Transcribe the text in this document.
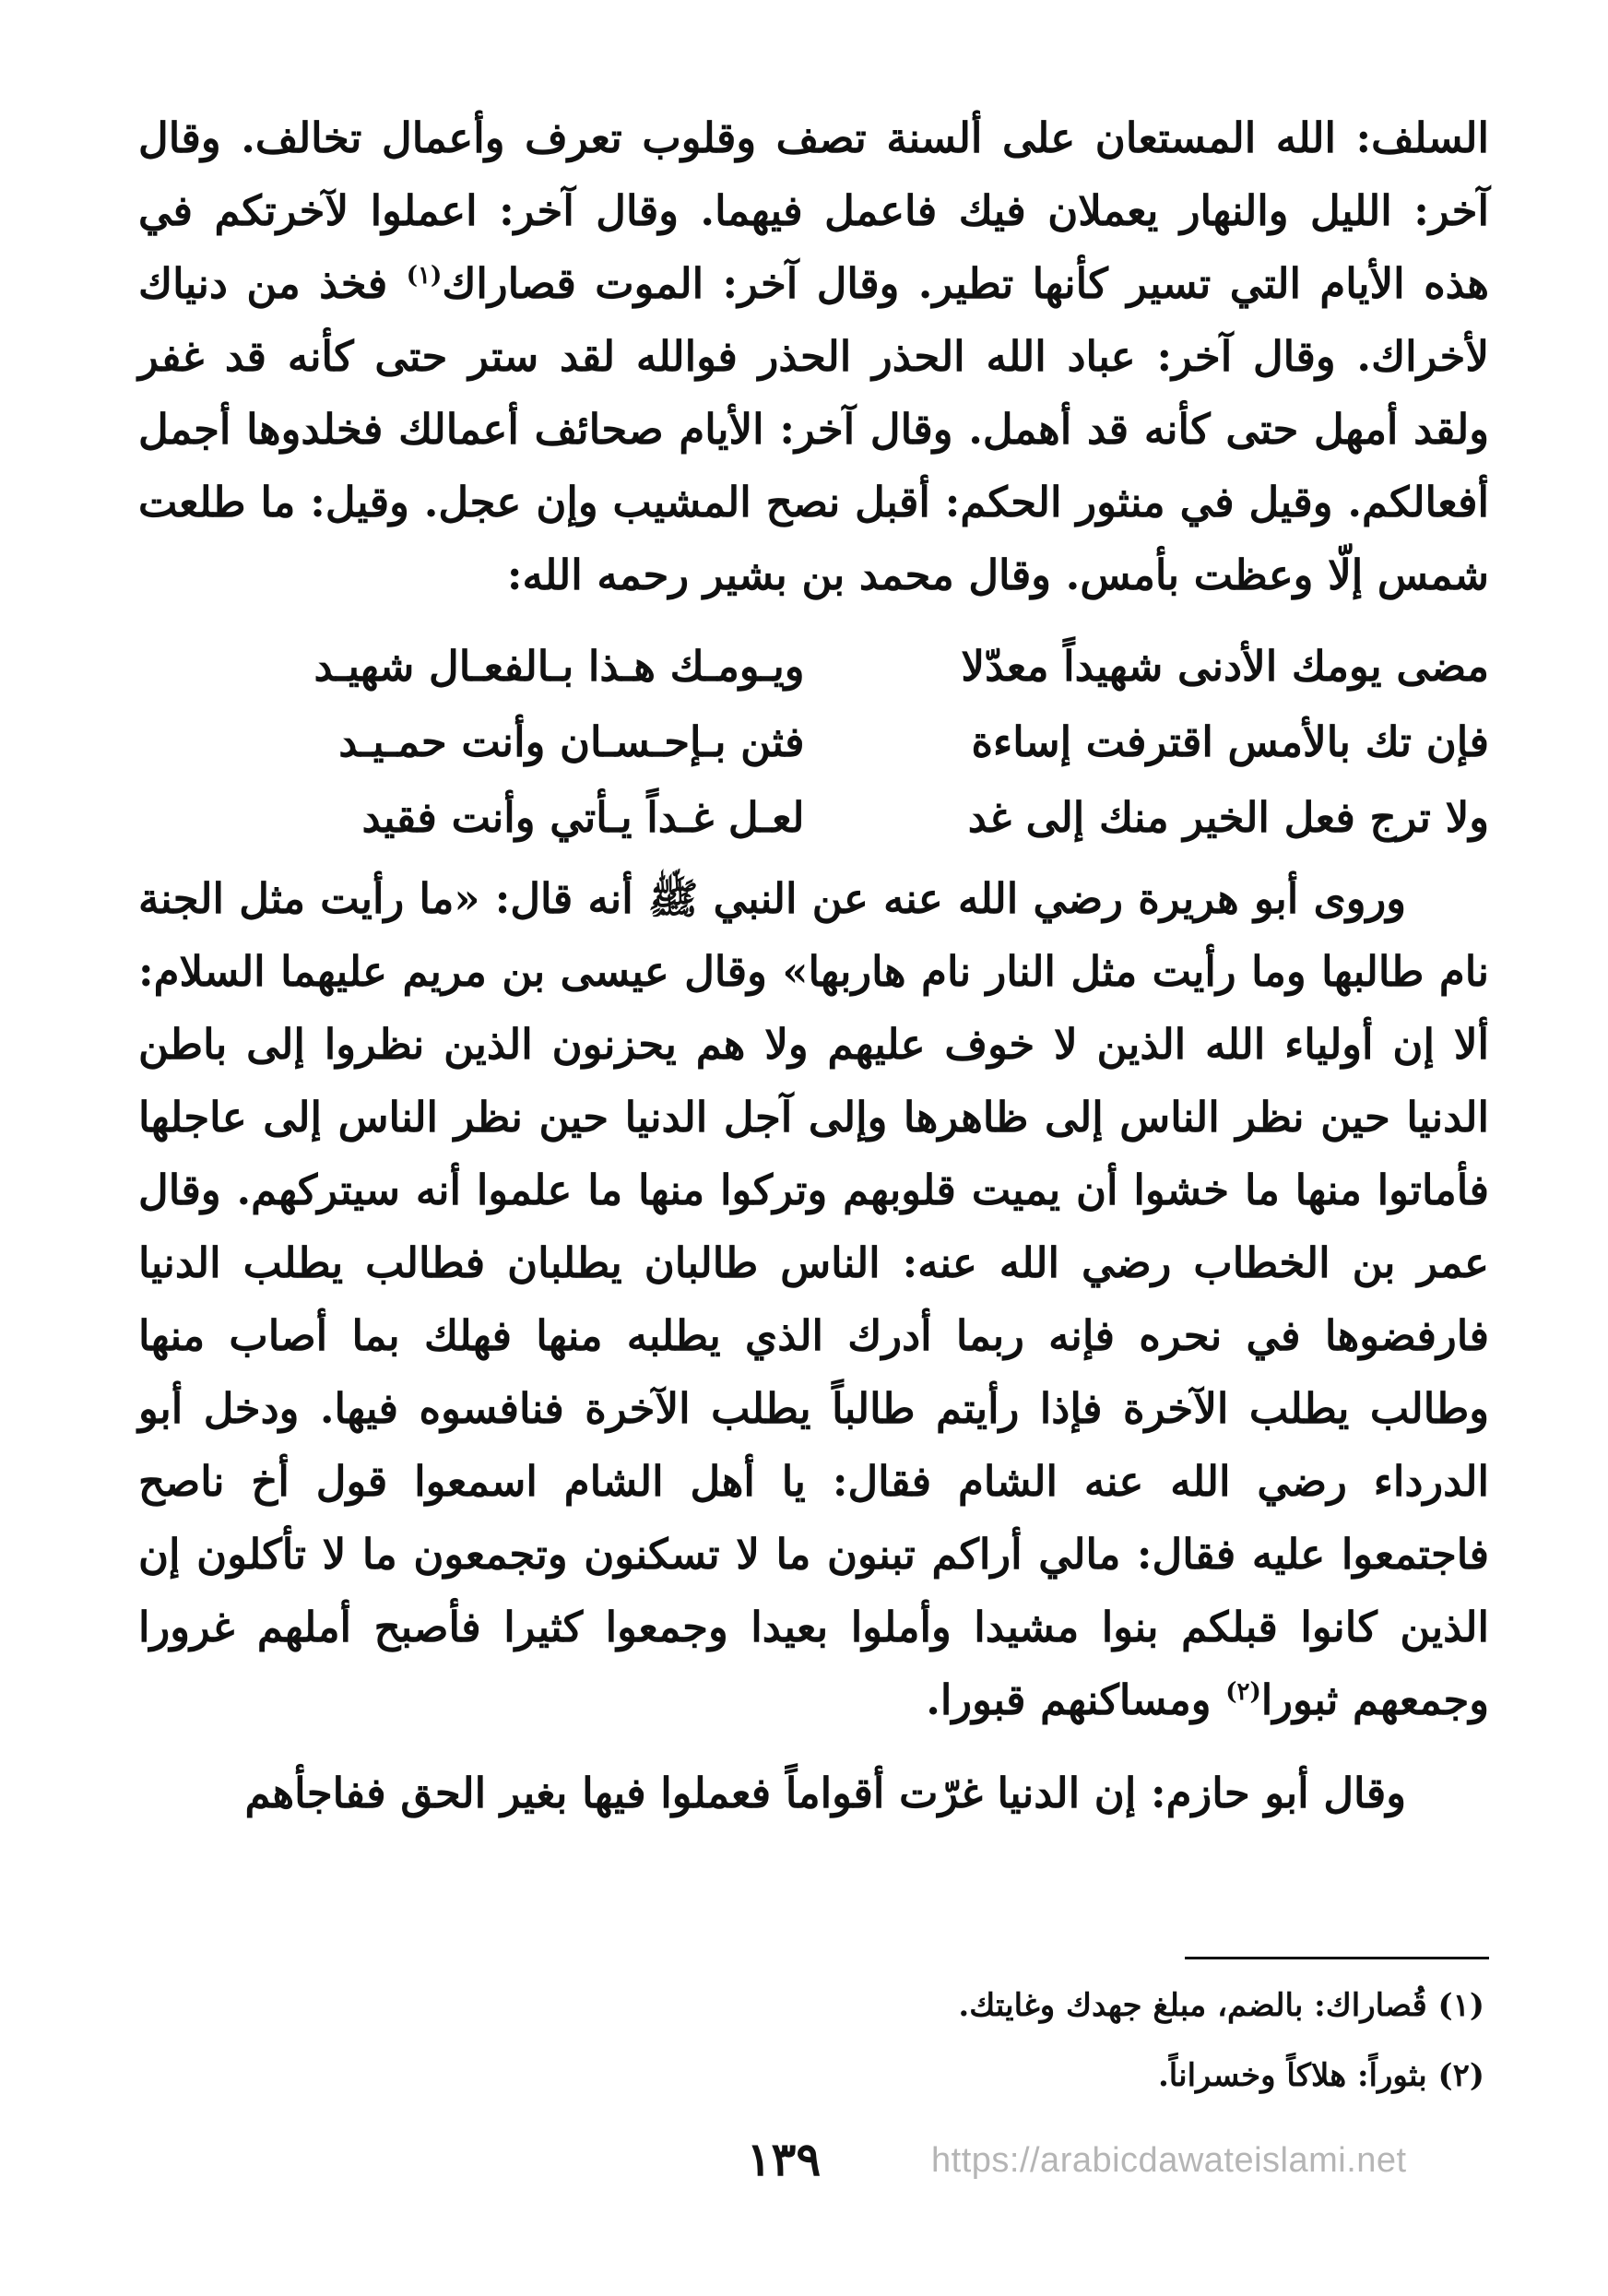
السلف: الله المستعان على ألسنة تصف وقلوب تعرف وأعمال تخالف. وقال آخر: الليل والنهار يعملان فيك فاعمل فيهما. وقال آخر: اعملوا لآخرتكم في هذه الأيام التي تسير كأنها تطير. وقال آخر: الموت قصاراك$^{(١)}$ فخذ من دنياك لأخراك. وقال آخر: عباد الله الحذر الحذر فوالله لقد ستر حتى كأنه قد غفر ولقد أمهل حتى كأنه قد أهمل. وقال آخر: الأيام صحائف أعمالك فخلدوها أجمل أفعالكم. وقيل في منثور الحكم: أقبل نصح المشيب وإن عجل. وقيل: ما طلعت شمس إلّا وعظت بأمس. وقال محمد بن بشير رحمه الله:

مضى يومك الأدنى شهيداً معدّلا
ويـومـك هـذا بـالفعـال شهيـد
فإن تك بالأمس اقترفت إساءة
فثن بـإحـسـان وأنت حمـيـد
ولا ترج فعل الخير منك إلى غد
لعـل غـداً يـأتي وأنت فقيد

وروى أبو هريرة رضي الله عنه عن النبي ﷺ أنه قال: «ما رأيت مثل الجنة نام طالبها وما رأيت مثل النار نام هاربها» وقال عيسى بن مريم عليهما السلام: ألا إن أولياء الله الذين لا خوف عليهم ولا هم يحزنون الذين نظروا إلى باطن الدنيا حين نظر الناس إلى ظاهرها وإلى آجل الدنيا حين نظر الناس إلى عاجلها فأماتوا منها ما خشوا أن يميت قلوبهم وتركوا منها ما علموا أنه سيتركهم. وقال عمر بن الخطاب رضي الله عنه: الناس طالبان يطلبان فطالب يطلب الدنيا فارفضوها في نحره فإنه ربما أدرك الذي يطلبه منها فهلك بما أصاب منها وطالب يطلب الآخرة فإذا رأيتم طالباً يطلب الآخرة فنافسوه فيها. ودخل أبو الدرداء رضي الله عنه الشام فقال: يا أهل الشام اسمعوا قول أخ ناصح فاجتمعوا عليه فقال: مالي أراكم تبنون ما لا تسكنون وتجمعون ما لا تأكلون إن الذين كانوا قبلكم بنوا مشيدا وأملوا بعيدا وجمعوا كثيرا فأصبح أملهم غرورا وجمعهم ثبورا$^{(٢)}$ ومساكنهم قبورا.

وقال أبو حازم: إن الدنيا غرّت أقواماً فعملوا فيها بغير الحق ففاجأهم

(١) قُصاراك: بالضم، مبلغ جهدك وغايتك.

(٢) بثوراً: هلاكاً وخسراناً.

١٣٩	https://arabicdawateislami.net
